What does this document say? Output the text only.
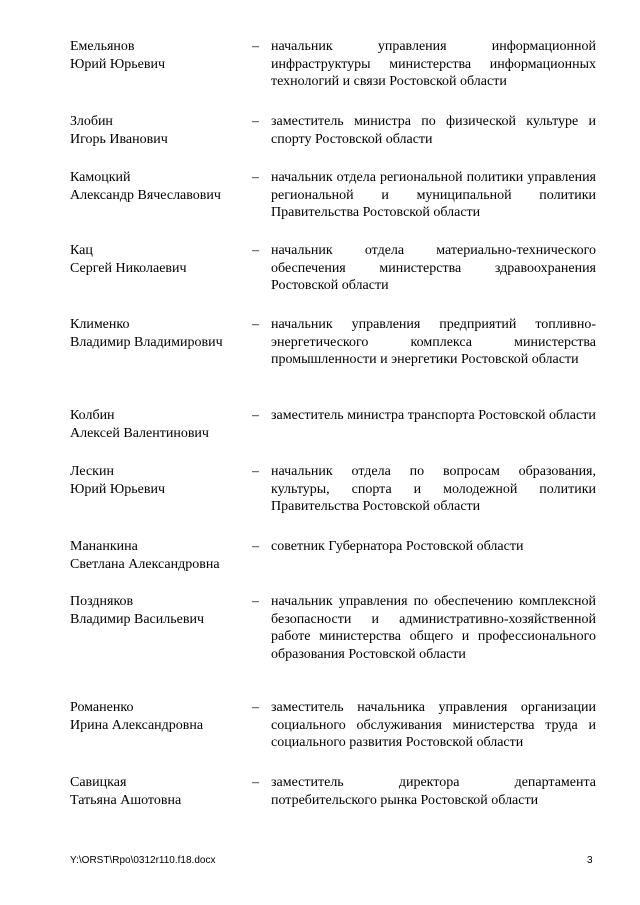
Емельянов
Юрий Юрьевич
– начальник управления информационной инфраструктуры министерства информационных технологий и связи Ростовской области
Злобин
Игорь Иванович
– заместитель министра по физической культуре и спорту Ростовской области
Камоцкий
Александр Вячеславович
– начальник отдела региональной политики управления региональной и муниципальной политики Правительства Ростовской области
Кац
Сергей Николаевич
– начальник отдела материально-технического обеспечения министерства здравоохранения Ростовской области
Клименко
Владимир Владимирович
– начальник управления предприятий топливно-энергетического комплекса министерства промышленности и энергетики Ростовской области
Колбин
Алексей Валентинович
– заместитель министра транспорта Ростовской области
Лескин
Юрий Юрьевич
– начальник отдела по вопросам образования, культуры, спорта и молодежной политики Правительства Ростовской области
Мананкина
Светлана Александровна
– советник Губернатора Ростовской области
Поздняков
Владимир Васильевич
– начальник управления по обеспечению комплексной безопасности и административно-хозяйственной работе министерства общего и профессионального образования Ростовской области
Романенко
Ирина Александровна
– заместитель начальника управления организации социального обслуживания министерства труда и социального развития Ростовской области
Савицкая
Татьяна Ашотовна
– заместитель директора департамента потребительского рынка Ростовской области
Y:\ORST\Rpo\0312r110.f18.docx	3
